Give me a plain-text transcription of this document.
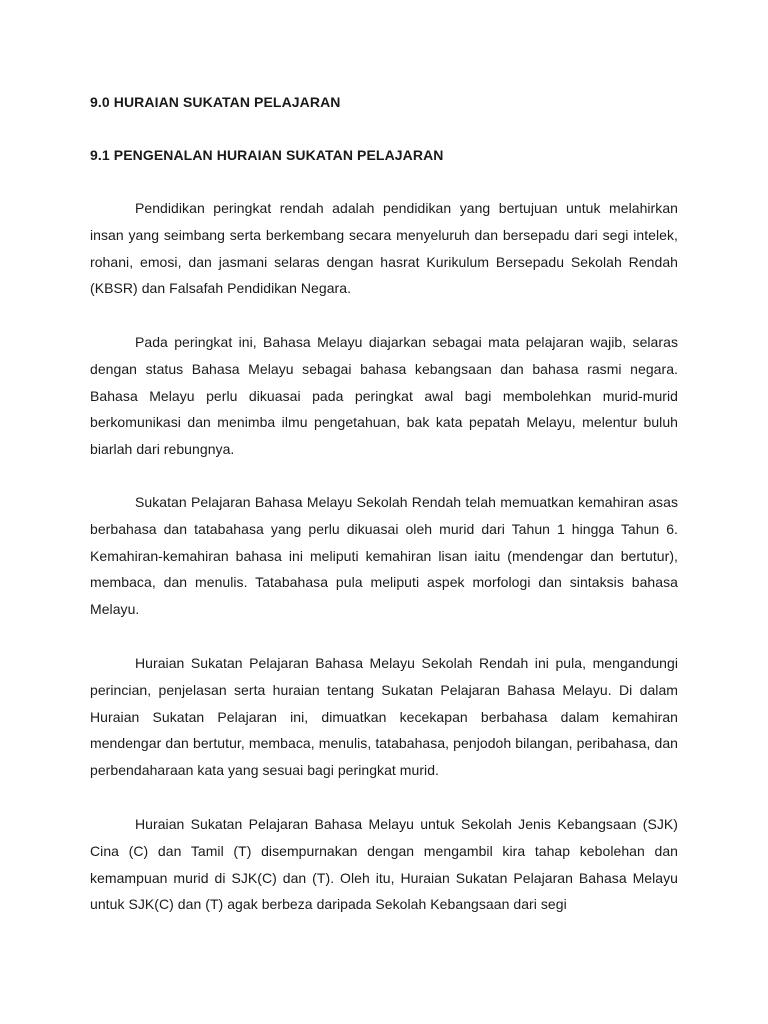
9.0 HURAIAN SUKATAN PELAJARAN
9.1 PENGENALAN HURAIAN SUKATAN PELAJARAN

Pendidikan peringkat rendah adalah pendidikan yang bertujuan untuk melahirkan insan yang seimbang serta berkembang secara menyeluruh dan bersepadu dari segi intelek, rohani, emosi, dan jasmani selaras dengan hasrat Kurikulum Bersepadu Sekolah Rendah (KBSR) dan Falsafah Pendidikan Negara.

Pada peringkat ini, Bahasa Melayu diajarkan sebagai mata pelajaran wajib, selaras dengan status Bahasa Melayu sebagai bahasa kebangsaan dan bahasa rasmi negara. Bahasa Melayu perlu dikuasai pada peringkat awal bagi membolehkan murid-murid berkomunikasi dan menimba ilmu pengetahuan, bak kata pepatah Melayu, melentur buluh biarlah dari rebungnya.

Sukatan Pelajaran Bahasa Melayu Sekolah Rendah telah memuatkan kemahiran asas berbahasa dan tatabahasa yang perlu dikuasai oleh murid dari Tahun 1 hingga Tahun 6. Kemahiran-kemahiran bahasa ini meliputi kemahiran lisan iaitu (mendengar dan bertutur), membaca, dan menulis. Tatabahasa pula meliputi aspek morfologi dan sintaksis bahasa Melayu.

Huraian Sukatan Pelajaran Bahasa Melayu Sekolah Rendah ini pula, mengandungi perincian, penjelasan serta huraian tentang Sukatan Pelajaran Bahasa Melayu. Di dalam Huraian Sukatan Pelajaran ini, dimuatkan kecekapan berbahasa dalam kemahiran mendengar dan bertutur, membaca, menulis, tatabahasa, penjodoh bilangan, peribahasa, dan perbendaharaan kata yang sesuai bagi peringkat murid.

Huraian Sukatan Pelajaran Bahasa Melayu untuk Sekolah Jenis Kebangsaan (SJK) Cina (C) dan Tamil (T) disempurnakan dengan mengambil kira tahap kebolehan dan kemampuan murid di SJK(C) dan (T). Oleh itu, Huraian Sukatan Pelajaran Bahasa Melayu untuk SJK(C) dan (T) agak berbeza daripada Sekolah Kebangsaan dari segi
